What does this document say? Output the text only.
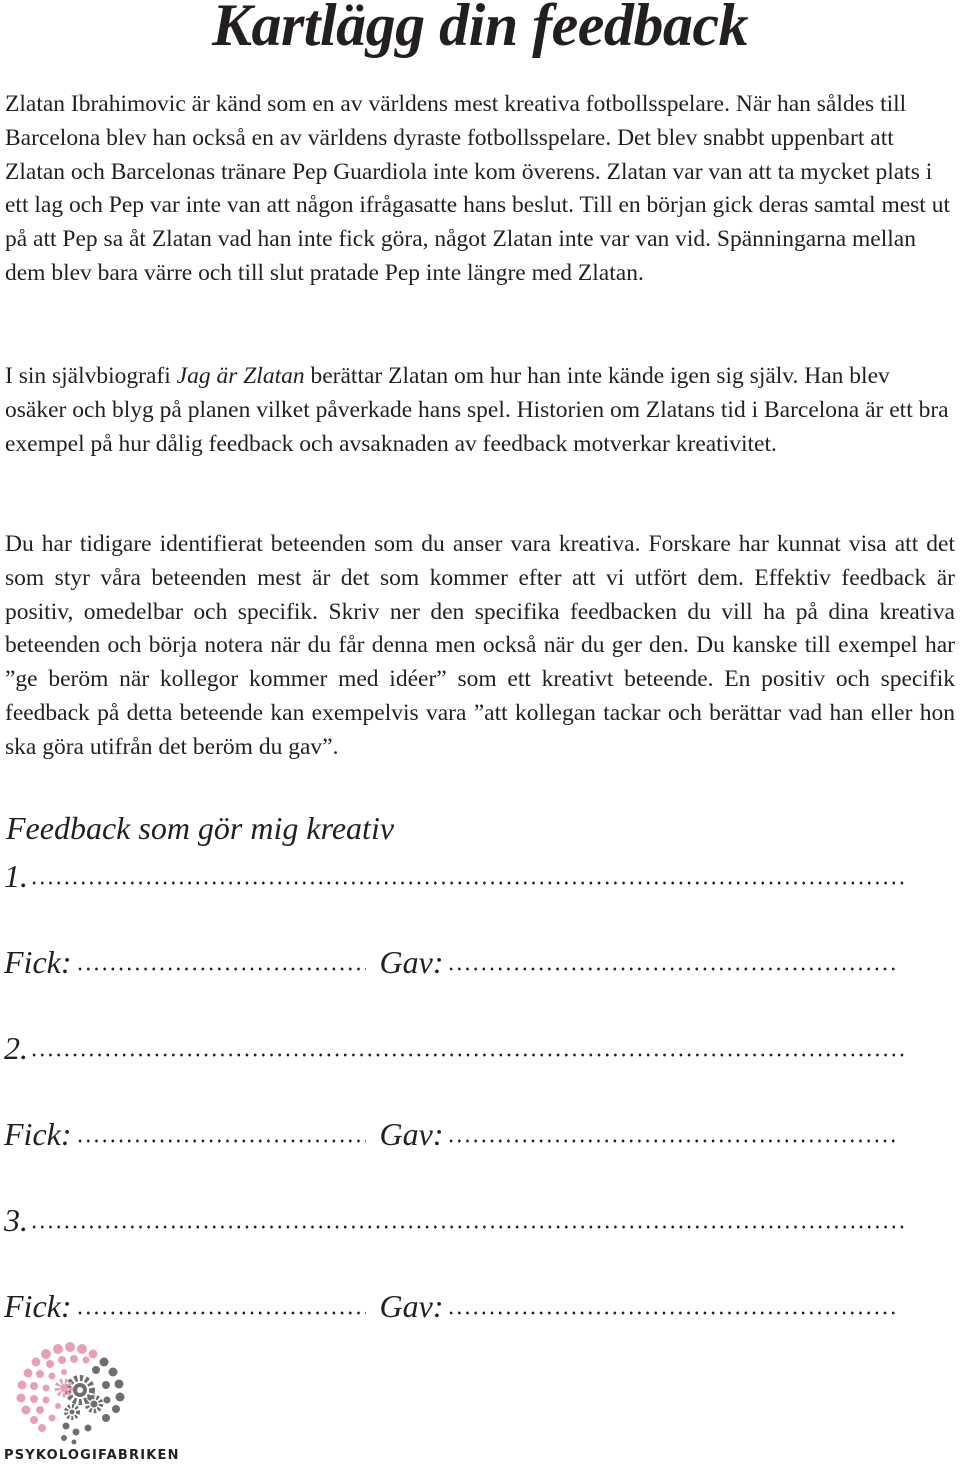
Kartlägg din feedback

Zlatan Ibrahimovic är känd som en av världens mest kreativa fotbollsspelare. När han såldes till Barcelona blev han också en av världens dyraste fotbollsspelare. Det blev snabbt uppenbart att Zlatan och Barcelonas tränare Pep Guardiola inte kom överens. Zlatan var van att ta mycket plats i ett lag och Pep var inte van att någon ifrågasatte hans beslut. Till en början gick deras samtal mest ut på att Pep sa åt Zlatan vad han inte fick göra, något Zlatan inte var van vid. Spänningarna mellan dem blev bara värre och till slut pratade Pep inte längre med Zlatan.

I sin självbiografi Jag är Zlatan berättar Zlatan om hur han inte kände igen sig själv. Han blev osäker och blyg på planen vilket påverkade hans spel. Historien om Zlatans tid i Barcelona är ett bra exempel på hur dålig feedback och avsaknaden av feedback motverkar kreativitet.

Du har tidigare identifierat beteenden som du anser vara kreativa. Forskare har kunnat visa att det som styr våra beteenden mest är det som kommer efter att vi utfört dem. Effektiv feedback är positiv, omedelbar och specifik. Skriv ner den specifika feedbacken du vill ha på dina kreativa beteenden och börja notera när du får denna men också när du ger den. Du kanske till exempel har ”ge beröm när kollegor kommer med idéer” som ett kreativt beteende. En positiv och specifik feedback på detta beteende kan exempelvis vara ”att kollegan tackar och berättar vad han eller hon ska göra utifrån det beröm du gav”.

Feedback som gör mig kreativ
1.
Fick:	Gav:
2.
Fick:	Gav:
3.
Fick:	Gav:
PSYKOLOGIFABRIKEN
